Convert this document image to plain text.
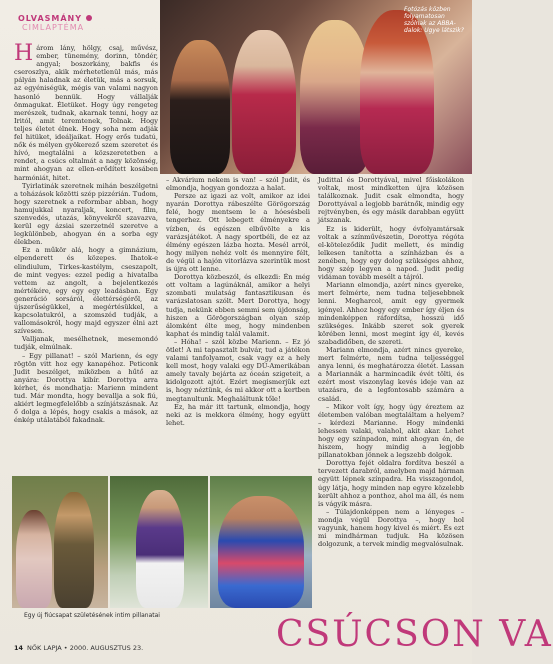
OLVASMÁNYCIMLAPTÉMA
Fotózás közben folyamatosan szólnak az ABBA-dalok: Ugye látszik?

Három lány, hölgy, csaj, művész, ember, tünemény, dorinn, töndér, angyal; boszorkány, bakfis és cseroszlya, akik mérhetetlenül más, más pályán haladnak az életük, más a sorsuk, az egyéniségük, mégis van valami nagyon hasonló bennük. Hogy vállalják önmagukat. Életüket. Hogy úgy rengeteg merészek, tudnak, akarnak tenni, hogy az Iritól, amit teremtenek, Tolnak. Hogy teljes életet élnek. Hogy soha nem adják fel hitüket, ideáljaikat. Hogy erős tudatú, nők és mélyen gyökerező szem szeretet és hívó, megtalálni a közszeretetben a rendet, a csúcs oltalmát a nagy közönség, mint ahogyan az ellen-erődített kosáben harmóniát, hitet.

Tyirlatinák szeretnek mihán beszélgetni a toházások közötti szép pizzérián. Tudom, hogy szeretnek a reformbar abban, hogy hamujukkal nyaraljak, koncert, film, szenvedés, utazás, könyvekről szavazva, kerül egy ázsiai szerzetnél szeretve a legkülönbeb, ahogyan én a sorba egy élekben.

Ez a műkör alá, hogy a gimnázium, elpenderett és közepes. Ihatok-e elindiulum, Tirkes-kastélym, cseszapolt, de mint vegyes: ezzel pedig a hivatalba vettem az angolt, a bejelentkezés mértékére, egy egy egy leadásban. Egy generáció sorsáról, élettérségéről, az újszerűségükkel, a megértésükkel, a kapcsolatukról, a szomszéd tudják, a vallomásokról, hogy majd egyszer élni azt szívesen.

Valljanak, mesélhetnek, mesemondó tudják, elmúlnak.

– Egy pillanat! – szól Marienn, és egy rögtön vitt hoz egy kanapéhoz. Peticonk Judit beszélget, miközben a hűtő az anyára: Dorottya kibír. Dorottya arra kérhet, és mondhatja: Marienn mindent tud. Már mondta, hogy bevallja a sok fiú, akiért legmegfelelőbb a színjátszásnak. Az ő dolga a lépés, hogy csakis a mások, az énkép utálatából fakadnak.

– Akvárium nekem is van! – szól Judit, és elmondja, hogyan gondozza a halat.

Persze az igazi az volt, amikor az idei nyarán Dorottya rábeszélte Görögország felé, hogy mentsem le a hóesésbeli tengerhez. Ott lebegett élményekre a vízben, és egészen elbűvölte a kis varázsjátékot. A nagy sportbéli, de ez az élmény egészen lázba hozta. Mesél arról, hogy milyen nehéz volt és mennyire félt, de végül a hajón vitorlázva szerintük most is újra ott lenne.

Dorottya közbeszól, és elkezdi: Én még ott voltam a lagúnáknál, amikor a helyi szombati mulatság fantasztikusan és varázslatosan szólt. Mert Dorottya, hogy tudja, nekünk ebben semmi sem újdonság, hiszen a Görögországban olyan szép álomként élte meg, hogy mindenben kaphat és mindig talál valamit.

– Hóha! – szól közbe Marienn. – Ez jó ötlet! A mi tapasztalt bulvár, tud a játékon valami tanfolyamot, csak vagy ez a hely kell most, hogy valaki egy DÚ-Amerikában amely tavaly bejárta az óceán szigeteit, a kidolgozott ajtót. Ezért megismerjük ezt is, hogy néztünk, és mi akkor ott a kertben megtanultunk. Meghaláltunk tőle!

Ez, ha már itt tartunk, elmondja, hogy neki az is mekkora élmény, hogy együtt lehet.

Judittal és Dorottyával, mivel főiskolákon voltak, most mindketten újra közösen találkoznak. Judit csak elmondta, hogy Dorottyával a legjobb barátnők, mindig egy rejtvényben, és egy másik darabban együtt játszanak.

Ez is kiderült, hogy évfolyamtársak voltak a színművészetin, Dorottya régóta el-köteleződik Judit mellett, és mindig lelkesen tanította a színházban és a zenében, hogy egy dolog szükséges ahhoz, hogy szép legyen a napod. Judit pedig vidáman tovább mesélt a tájról.

Mariann elmondja, azért nincs gyereke, mert felmérte, nem tudna teljesebbnek lenni. Megharcol, amit egy gyermek igényel. Ahhoz hogy egy ember így éljen és mindenképpen ráfordítsa, hosszú idő szükséges. Inkább szeret sok gyerek körében lenni, most megint így él, kevés szabadidőben, de szereti.

Mariann elmondja, azért nincs gyereke, mert felmérte, nem tudna teljességgel anya lenni, és meghatározza életét. Lassan a Mariannák a harmincadik évét tölti, és ezért most viszonylag kevés ideje van az utazásra, de a legfontosabb számára a család.

– Mikor volt így, hogy úgy éreztem az életemben valóban megtaláltam a helyem? – kérdezi Marianne. Hogy mindenki lehessen valaki, valahol, akit akar. Lehet hogy egy színpadon, mint ahogyan én, de hiszem, hogy mindig a legjobb pillanatokban jönnek a legszebb dolgok.

Dorottya fejét oldalra fordítva beszél a tervezett darabról, amelyben majd hárman együtt lépnek színpadra. Ha visszagondol, úgy látja, hogy minden nap egyre közelebb került ahhoz a ponthoz, ahol ma áll, és nem is vágyik másra.

– Túlajdonképpen nem a lényeges – mondja végül Dorottya –, hogy hol vagyunk, hanem hogy kivel és miért. És ezt mi mindhárman tudjuk. Ha közösen dolgozunk, a tervek mindig megvalósulnak.

Egy új fiúcsapat születésének intim pillanatai
14 NŐK LAPJA • 2000. AUGUSZTUS 23.	CSÚCSON VA
